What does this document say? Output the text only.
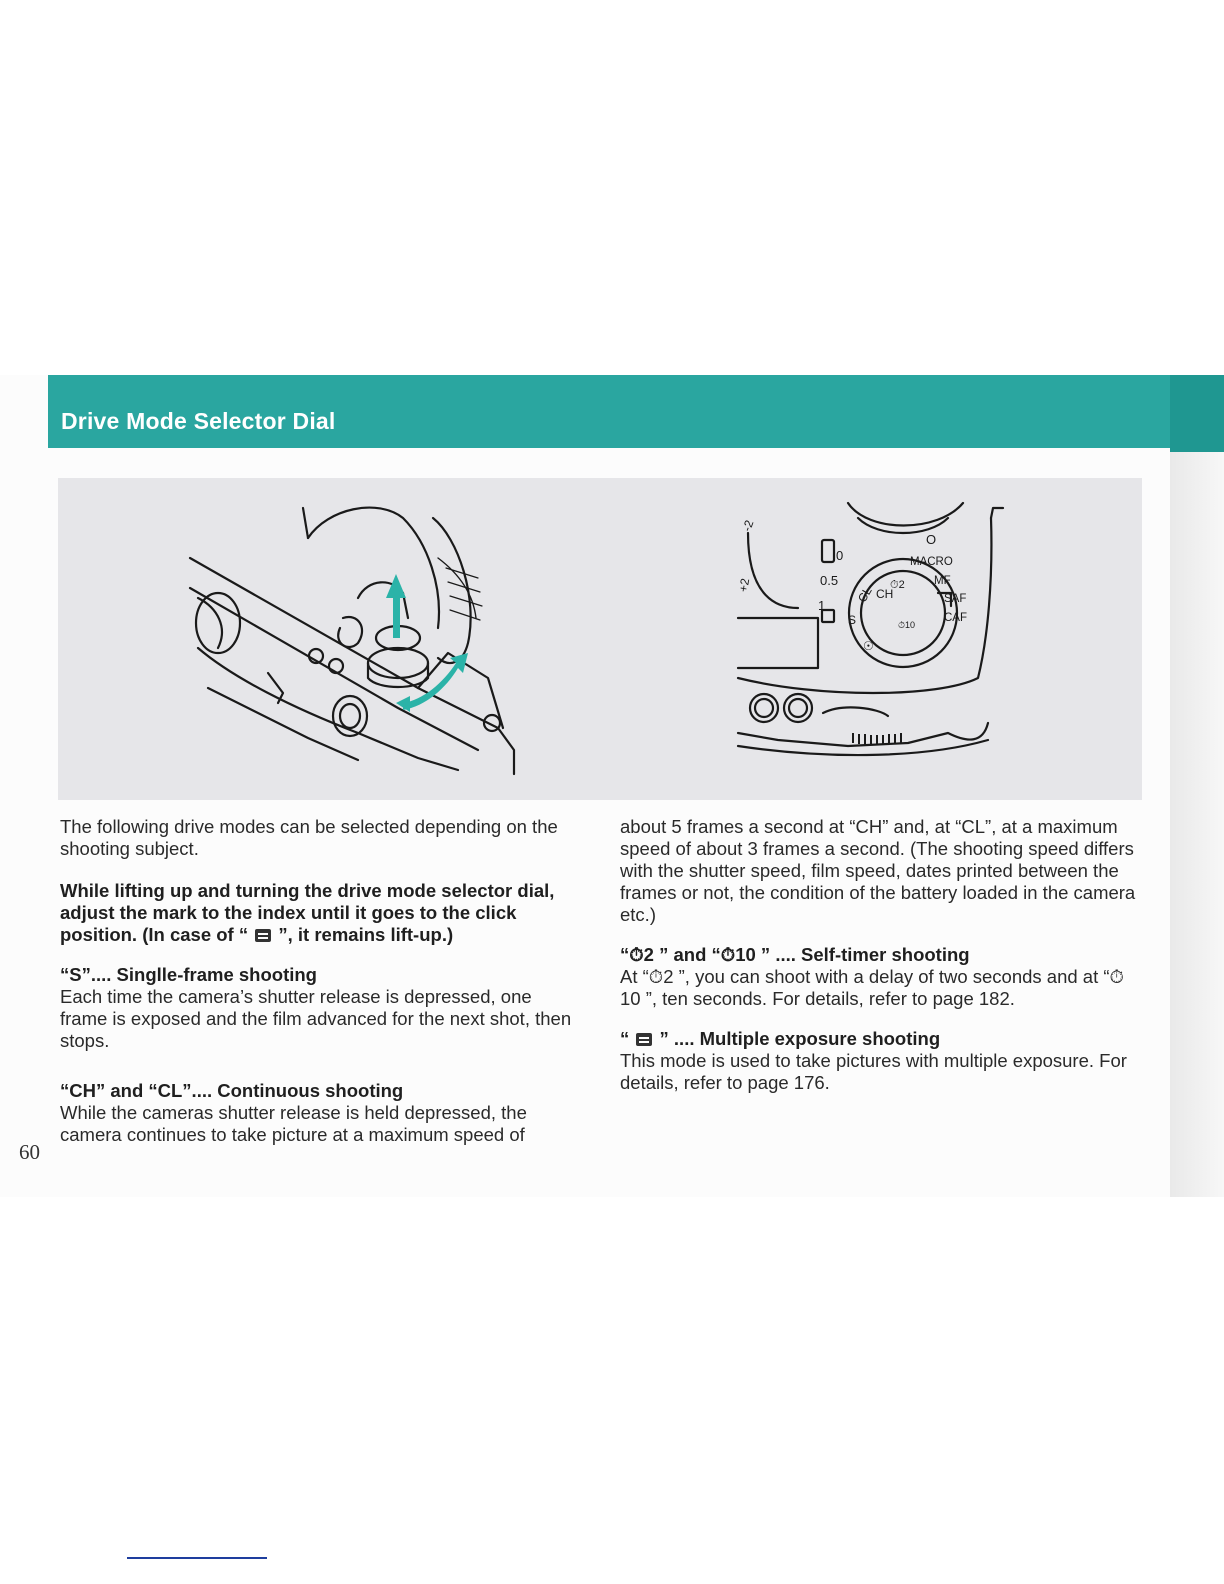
Drive Mode Selector Dial
S
CH
CL
☉
⏱2
⏱10
0
0.5
1
-2
+2
MACRO
MF
SAF
CAF
O

The following drive modes can be selected depending on the shooting subject.

While lifting up and turning the drive mode selector dial, adjust the mark to the index until it goes to the click position. (In case of “  ”, it remains lift-up.)

“S”.... Singlle-frame shooting

Each time the camera’s shutter release is depressed, one frame is exposed and the film advanced for the next shot, then stops.

“CH” and “CL”.... Continuous shooting

While the cameras shutter release is held depressed, the camera continues to take picture at a maximum speed of

about 5 frames a second at “CH” and, at “CL”, at a maximum speed of about 3 frames a second. (The shooting speed differs with the shutter speed, film speed, dates printed between the frames or not, the condition of the battery loaded in the camera etc.)

“⏱2 ” and “⏱10 ” .... Self-timer shooting

At “⏱2 ”, you can shoot with a delay of two seconds and at “⏱10 ”, ten seconds. For details, refer to page 182.

“  ” .... Multiple exposure shooting

This mode is used to take pictures with multiple exposure. For details, refer to page 176.

60
